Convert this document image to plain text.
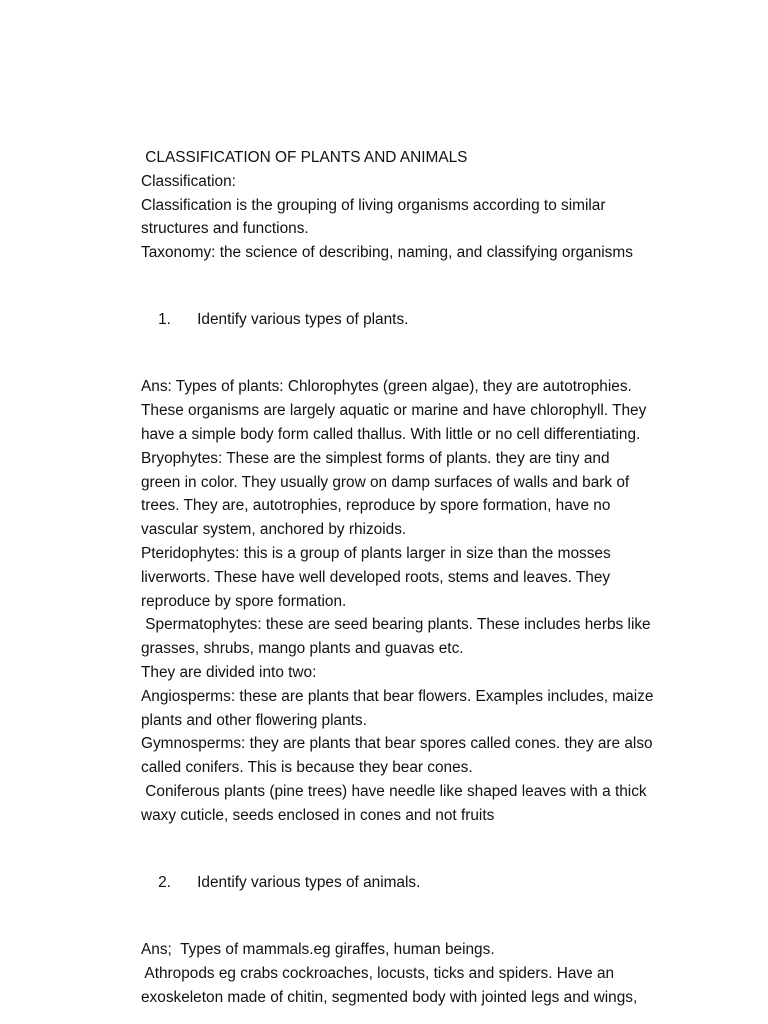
CLASSIFICATION OF PLANTS AND ANIMALS
Classification:
Classification is the grouping of living organisms according to similar
structures and functions.
Taxonomy: the science of describing, naming, and classifying organisms

1. Identify various types of plants.

Ans: Types of plants: Chlorophytes (green algae), they are autotrophies.
These organisms are largely aquatic or marine and have chlorophyll. They
have a simple body form called thallus. With little or no cell differentiating.
Bryophytes: These are the simplest forms of plants. they are tiny and
green in color. They usually grow on damp surfaces of walls and bark of
trees. They are, autotrophies, reproduce by spore formation, have no
vascular system, anchored by rhizoids.
Pteridophytes: this is a group of plants larger in size than the mosses
liverworts. These have well developed roots, stems and leaves. They
reproduce by spore formation.
Spermatophytes: these are seed bearing plants. These includes herbs like
grasses, shrubs, mango plants and guavas etc.
They are divided into two:
Angiosperms: these are plants that bear flowers. Examples includes, maize
plants and other flowering plants.
Gymnosperms: they are plants that bear spores called cones. they are also
called conifers. This is because they bear cones.
Coniferous plants (pine trees) have needle like shaped leaves with a thick
waxy cuticle, seeds enclosed in cones and not fruits

2. Identify various types of animals.

Ans;  Types of mammals.eg giraffes, human beings.
Athropods eg crabs cockroaches, locusts, ticks and spiders. Have an
exoskeleton made of chitin, segmented body with jointed legs and wings,
